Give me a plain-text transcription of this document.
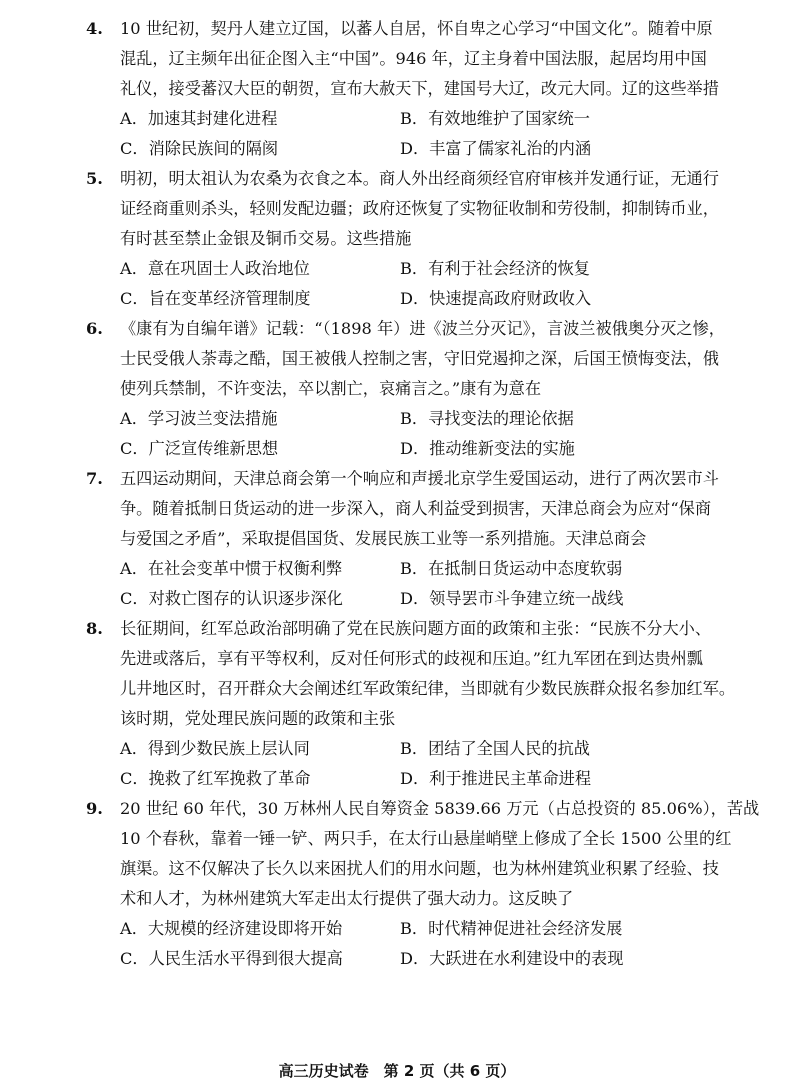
4. 10 世纪初，契丹人建立辽国，以蕃人自居，怀自卑之心学习“中国文化”。随着中原
混乱，辽主频年出征企图入主“中国”。946 年，辽主身着中国法服，起居均用中国
礼仪，接受蕃汉大臣的朝贺，宣布大赦天下，建国号大辽，改元大同。辽的这些举措
A．加速其封建化进程	B．有效地维护了国家统一
C．消除民族间的隔阂	D．丰富了儒家礼治的内涵
5. 明初，明太祖认为农桑为衣食之本。商人外出经商须经官府审核并发通行证，无通行
证经商重则杀头，轻则发配边疆；政府还恢复了实物征收制和劳役制，抑制铸币业，
有时甚至禁止金银及铜币交易。这些措施
A．意在巩固士人政治地位	B．有利于社会经济的恢复
C．旨在变革经济管理制度	D．快速提高政府财政收入
6. 《康有为自编年谱》记载：“（1898 年）进《波兰分灭记》，言波兰被俄奥分灭之惨，
士民受俄人荼毒之酷，国王被俄人控制之害，守旧党遏抑之深，后国王愤悔变法，俄
使列兵禁制，不许变法，卒以割亡，哀痛言之。”康有为意在
A．学习波兰变法措施	B．寻找变法的理论依据
C．广泛宣传维新思想	D．推动维新变法的实施
7. 五四运动期间，天津总商会第一个响应和声援北京学生爱国运动，进行了两次罢市斗
争。随着抵制日货运动的进一步深入，商人利益受到损害，天津总商会为应对“保商
与爱国之矛盾”，采取提倡国货、发展民族工业等一系列措施。天津总商会
A．在社会变革中惯于权衡利弊	B．在抵制日货运动中态度软弱
C．对救亡图存的认识逐步深化	D．领导罢市斗争建立统一战线
8. 长征期间，红军总政治部明确了党在民族问题方面的政策和主张：“民族不分大小、
先进或落后，享有平等权利，反对任何形式的歧视和压迫。”红九军团在到达贵州瓢
儿井地区时，召开群众大会阐述红军政策纪律，当即就有少数民族群众报名参加红军。
该时期，党处理民族问题的政策和主张
A．得到少数民族上层认同	B．团结了全国人民的抗战
C．挽救了红军挽救了革命	D．利于推进民主革命进程
9. 20 世纪 60 年代，30 万林州人民自筹资金 5839.66 万元（占总投资的 85.06%），苦战
10 个春秋，靠着一锤一铲、两只手，在太行山悬崖峭壁上修成了全长 1500 公里的红
旗渠。这不仅解决了长久以来困扰人们的用水问题，也为林州建筑业积累了经验、技
术和人才，为林州建筑大军走出太行提供了强大动力。这反映了
A．大规模的经济建设即将开始	B．时代精神促进社会经济发展
C．人民生活水平得到很大提高	D．大跃进在水利建设中的表现
高三历史试卷　第 2 页（共 6 页）
